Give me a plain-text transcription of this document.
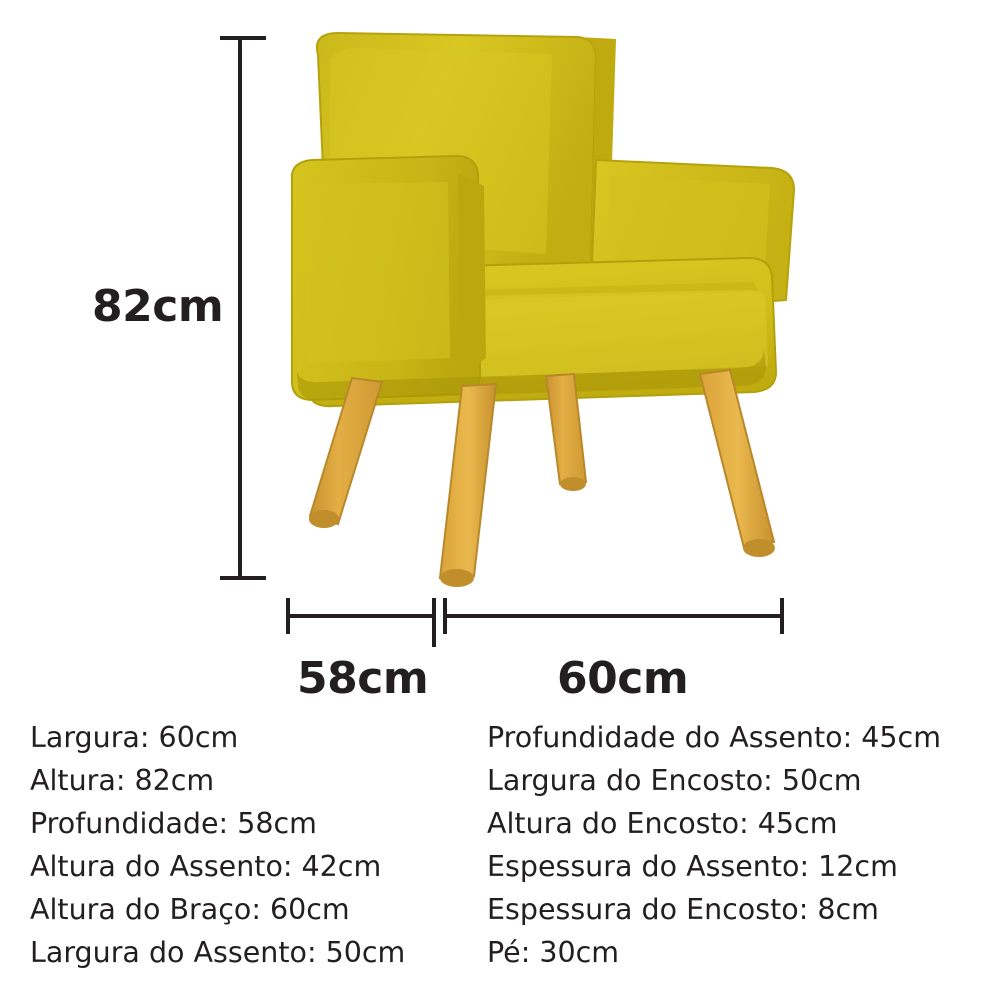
82cm
58cm	60cm
Largura: 60cm
Altura: 82cm
Profundidade: 58cm
Altura do Assento: 42cm
Altura do Braço: 60cm
Largura do Assento: 50cm
Profundidade do Assento: 45cm
Largura do Encosto: 50cm
Altura do Encosto: 45cm
Espessura do Assento: 12cm
Espessura do Encosto: 8cm
Pé: 30cm
